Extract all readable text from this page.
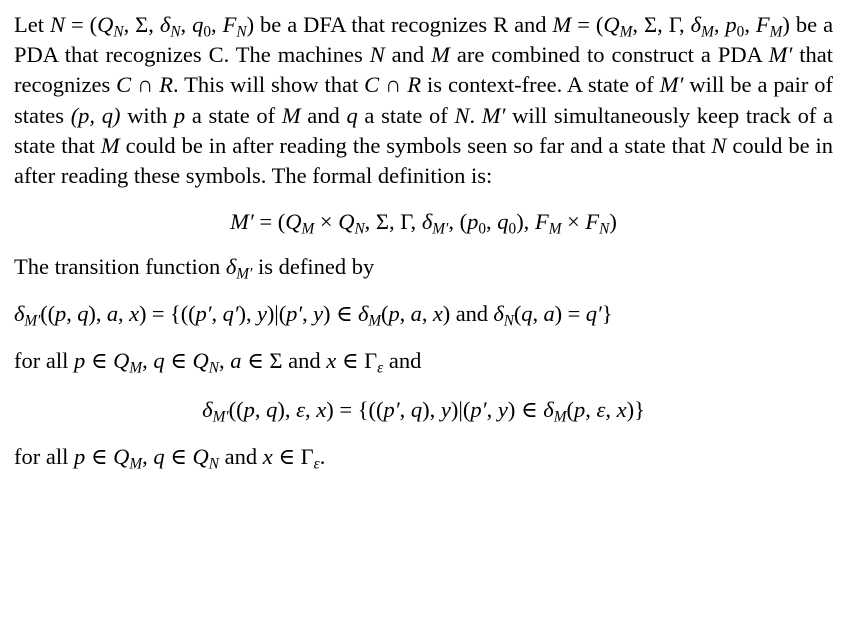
Let $N = (Q_N$, Σ, $\delta_N$, $q_0$, $F_N$) be a DFA that recognizes R and $M = (Q_M$, Σ, Γ, $\delta_M$, $p_0$, $F_M$) be a PDA that recognizes C. The machines N and M are combined to construct a PDA M′ that recognizes C ∩ R. This will show that C ∩ R is context-free. A state of M′ will be a pair of states (p, q) with p a state of M and q a state of N. M′ will simultaneously keep track of a state that M could be in after reading the symbols seen so far and a state that N could be in after reading these symbols. The formal definition is:

$M' = (Q_M \times Q_N$, Σ, Γ, $\delta_{M'}$, ($p_0$, $q_0$), $F_M \times F_N$)
The transition function $\delta_{M'}$ is defined by
$\delta_{M'}((p$, q), a, x) = {((p′, q′), y)|(p′, y) ∈ $\delta_M(p$, a, x) and $\delta_N(q$, a) = q′}
for all p ∈ $Q_M$, q ∈ $Q_N$, a ∈ Σ and x ∈ $\Gamma_\varepsilon$ and
$\delta_{M'}((p$, q), ε, x) = {((p′, q), y)|(p′, y) ∈ $\delta_M(p$, ε, x)}
for all p ∈ $Q_M$, q ∈ $Q_N$ and x ∈ $\Gamma_\varepsilon$.
